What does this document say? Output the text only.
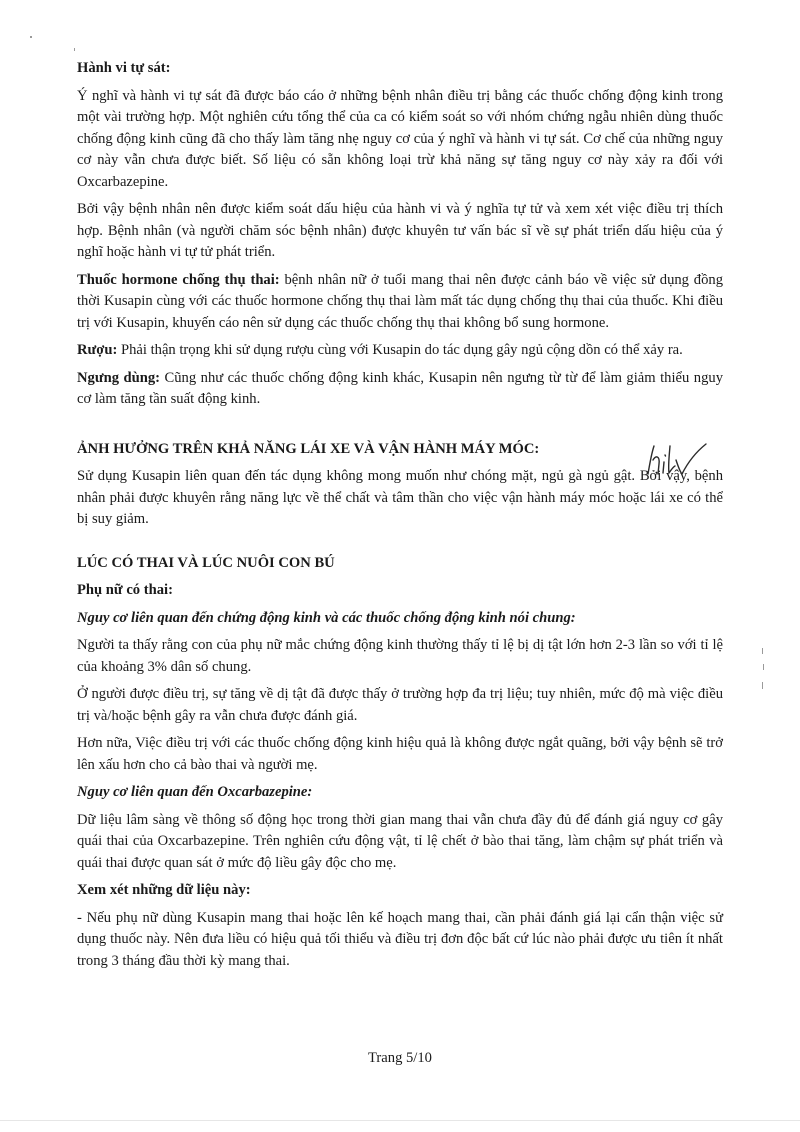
Hành vi tự sát:

Ý nghĩ và hành vi tự sát đã được báo cáo ở những bệnh nhân điều trị bằng các thuốc chống động kinh trong một vài trường hợp. Một nghiên cứu tổng thể của ca có kiểm soát so với nhóm chứng ngẫu nhiên dùng thuốc chống động kinh cũng đã cho thấy làm tăng nhẹ nguy cơ của ý nghĩ và hành vi tự sát. Cơ chế của những nguy cơ này vẫn chưa được biết. Số liệu có sẵn không loại trừ khả năng sự tăng nguy cơ này xảy ra đối với Oxcarbazepine.

Bởi vậy bệnh nhân nên được kiểm soát dấu hiệu của hành vi và ý nghĩa tự tử và xem xét việc điều trị thích hợp. Bệnh nhân (và người chăm sóc bệnh nhân) được khuyên tư vấn bác sĩ về sự phát triển dấu hiệu của ý nghĩ hoặc hành vi tự tử phát triển.

Thuốc hormone chống thụ thai: bệnh nhân nữ ở tuổi mang thai nên được cảnh báo về việc sử dụng đồng thời Kusapin cùng với các thuốc hormone chống thụ thai làm mất tác dụng chống thụ thai của thuốc. Khi điều trị với Kusapin, khuyến cáo nên sử dụng các thuốc chống thụ thai không bổ sung hormone.

Rượu: Phải thận trọng khi sử dụng rượu cùng với Kusapin do tác dụng gây ngủ cộng dồn có thể xảy ra.

Ngưng dùng: Cũng như các thuốc chống động kinh khác, Kusapin nên ngưng từ từ để làm giảm thiểu nguy cơ làm tăng tần suất động kinh.

ẢNH HƯỞNG TRÊN KHẢ NĂNG LÁI XE VÀ VẬN HÀNH MÁY MÓC:

Sử dụng Kusapin liên quan đến tác dụng không mong muốn như chóng mặt, ngủ gà ngủ gật. Bởi vậy, bệnh nhân phải được khuyên rằng năng lực về thể chất và tâm thần cho việc vận hành máy móc hoặc lái xe có thể bị suy giảm.

LÚC CÓ THAI VÀ LÚC NUÔI CON BÚ

Phụ nữ có thai:

Nguy cơ liên quan đến chứng động kinh và các thuốc chống động kinh nói chung:

Người ta thấy rằng con của phụ nữ mắc chứng động kinh thường thấy tỉ lệ bị dị tật lớn hơn 2-3 lần so với tỉ lệ của khoảng 3% dân số chung.

Ở người được điều trị, sự tăng về dị tật đã được thấy ở trường hợp đa trị liệu; tuy nhiên, mức độ mà việc điều trị và/hoặc bệnh gây ra vẫn chưa được đánh giá.

Hơn nữa, Việc điều trị với các thuốc chống động kinh hiệu quả là không được ngắt quãng, bởi vậy bệnh sẽ trở lên xấu hơn cho cả bào thai và người mẹ.

Nguy cơ liên quan đến Oxcarbazepine:

Dữ liệu lâm sàng về thông số động học trong thời gian mang thai vẫn chưa đầy đủ để đánh giá nguy cơ gây quái thai của Oxcarbazepine. Trên nghiên cứu động vật, tỉ lệ chết ở bào thai tăng, làm chậm sự phát triển và quái thai được quan sát ở mức độ liều gây độc cho mẹ.

Xem xét những dữ liệu này:

- Nếu phụ nữ dùng Kusapin mang thai hoặc lên kế hoạch mang thai, cần phải đánh giá lại cẩn thận việc sử dụng thuốc này. Nên đưa liều có hiệu quả tối thiểu và điều trị đơn độc bất cứ lúc nào phải được ưu tiên ít nhất trong 3 tháng đầu thời kỳ mang thai.

Trang 5/10
